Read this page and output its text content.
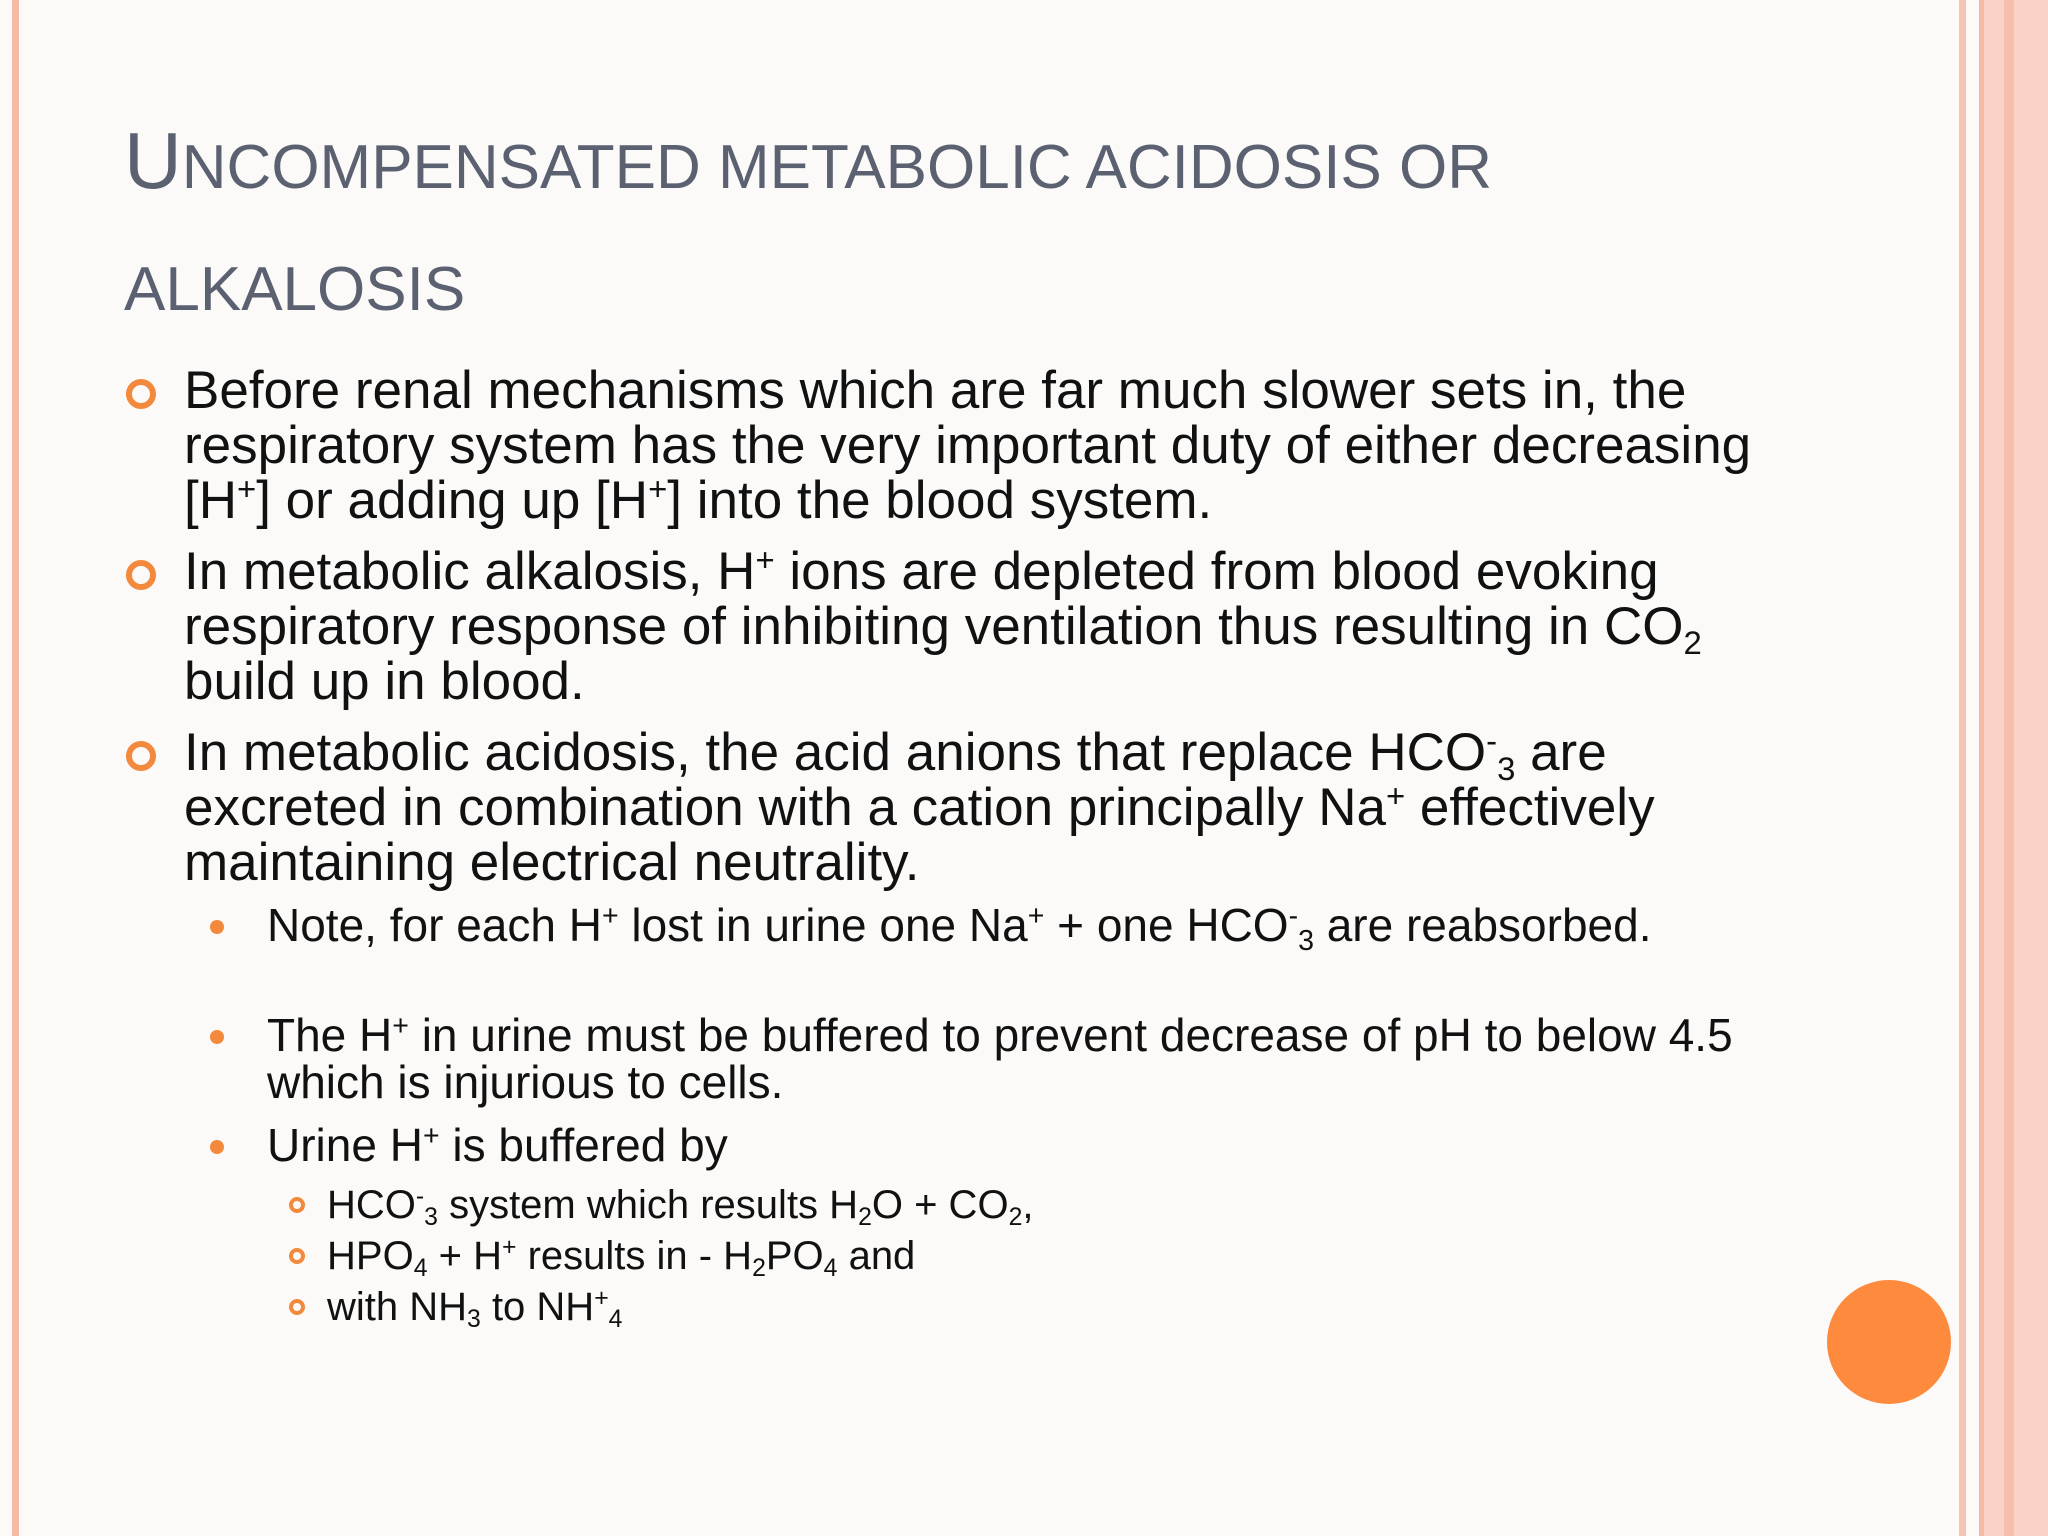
UNCOMPENSATED METABOLIC ACIDOSIS OR
ALKALOSIS

Before renal mechanisms which are far much slower sets in, the respiratory system has the very important duty of either decreasing [H+] or adding up [H+] into the blood system.

In metabolic alkalosis, H+ ions are depleted from blood evoking respiratory response of inhibiting ventilation thus resulting in $CO_2$ build up in blood.

In metabolic acidosis, the acid anions that replace $HCO^-_3$ are excreted in combination with a cation principally Na+ effectively maintaining electrical neutrality.

Note, for each H+ lost in urine one Na+ + one $HCO^-_3$ are reabsorbed.

The H+ in urine must be buffered to prevent decrease of pH to below 4.5 which is injurious to cells.

Urine H+ is buffered by

$HCO^-_3$ system which results $H_2O + CO_2$,

$HPO_4 + H^+$ results in - $H_2PO_4$ and

with $NH_3$ to $NH^+_4$
